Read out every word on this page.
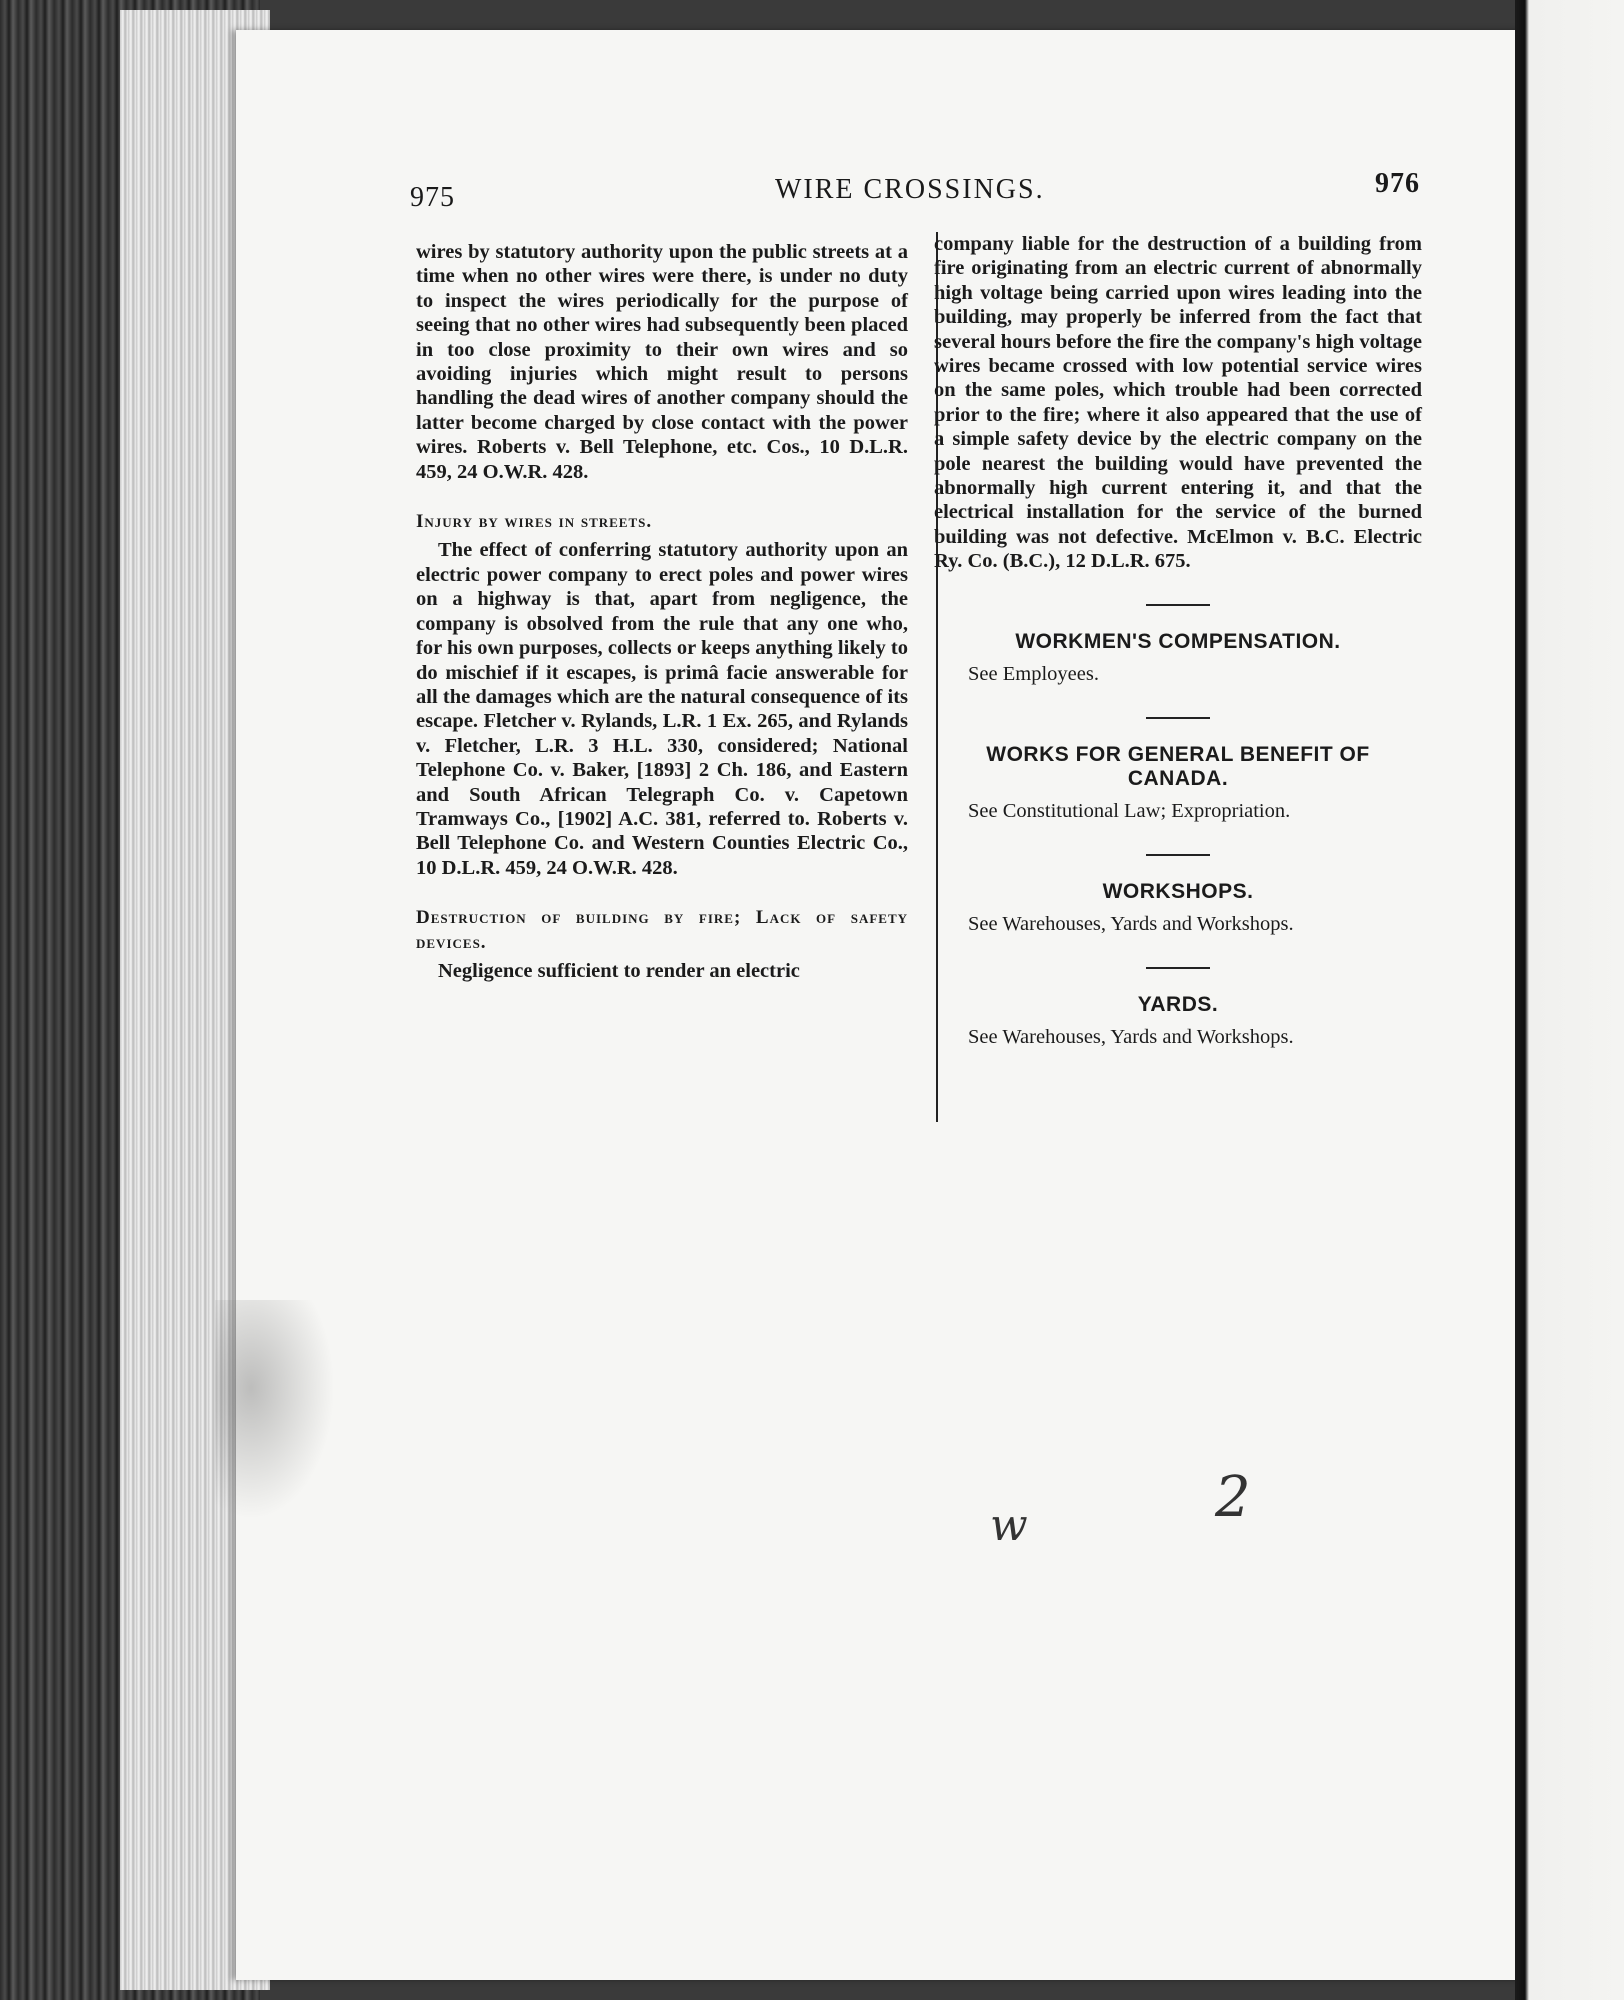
975	WIRE CROSSINGS.	976

wires by statutory authority upon the public streets at a time when no other wires were there, is under no duty to inspect the wires periodically for the purpose of seeing that no other wires had subsequently been placed in too close proximity to their own wires and so avoiding injuries which might result to persons handling the dead wires of another company should the latter become charged by close contact with the power wires. Roberts v. Bell Telephone, etc. Cos., 10 D.L.R. 459, 24 O.W.R. 428.

Injury by wires in streets.

The effect of conferring statutory authority upon an electric power company to erect poles and power wires on a highway is that, apart from negligence, the company is obsolved from the rule that any one who, for his own purposes, collects or keeps anything likely to do mischief if it escapes, is primâ facie answerable for all the damages which are the natural consequence of its escape. Fletcher v. Rylands, L.R. 1 Ex. 265, and Rylands v. Fletcher, L.R. 3 H.L. 330, considered; National Telephone Co. v. Baker, [1893] 2 Ch. 186, and Eastern and South African Telegraph Co. v. Capetown Tramways Co., [1902] A.C. 381, referred to. Roberts v. Bell Telephone Co. and Western Counties Electric Co., 10 D.L.R. 459, 24 O.W.R. 428.

Destruction of building by fire; Lack of safety devices.

Negligence sufficient to render an electric

company liable for the destruction of a building from fire originating from an electric current of abnormally high voltage being carried upon wires leading into the building, may properly be inferred from the fact that several hours before the fire the company's high voltage wires became crossed with low potential service wires on the same poles, which trouble had been corrected prior to the fire; where it also appeared that the use of a simple safety device by the electric company on the pole nearest the building would have prevented the abnormally high current entering it, and that the electrical installation for the service of the burned building was not defective. McElmon v. B.C. Electric Ry. Co. (B.C.), 12 D.L.R. 675.

WORKMEN'S COMPENSATION.

See Employees.

WORKS FOR GENERAL BENEFIT OF CANADA.

See Constitutional Law; Expropriation.

WORKSHOPS.

See Warehouses, Yards and Workshops.

YARDS.

See Warehouses, Yards and Workshops.

w	2
